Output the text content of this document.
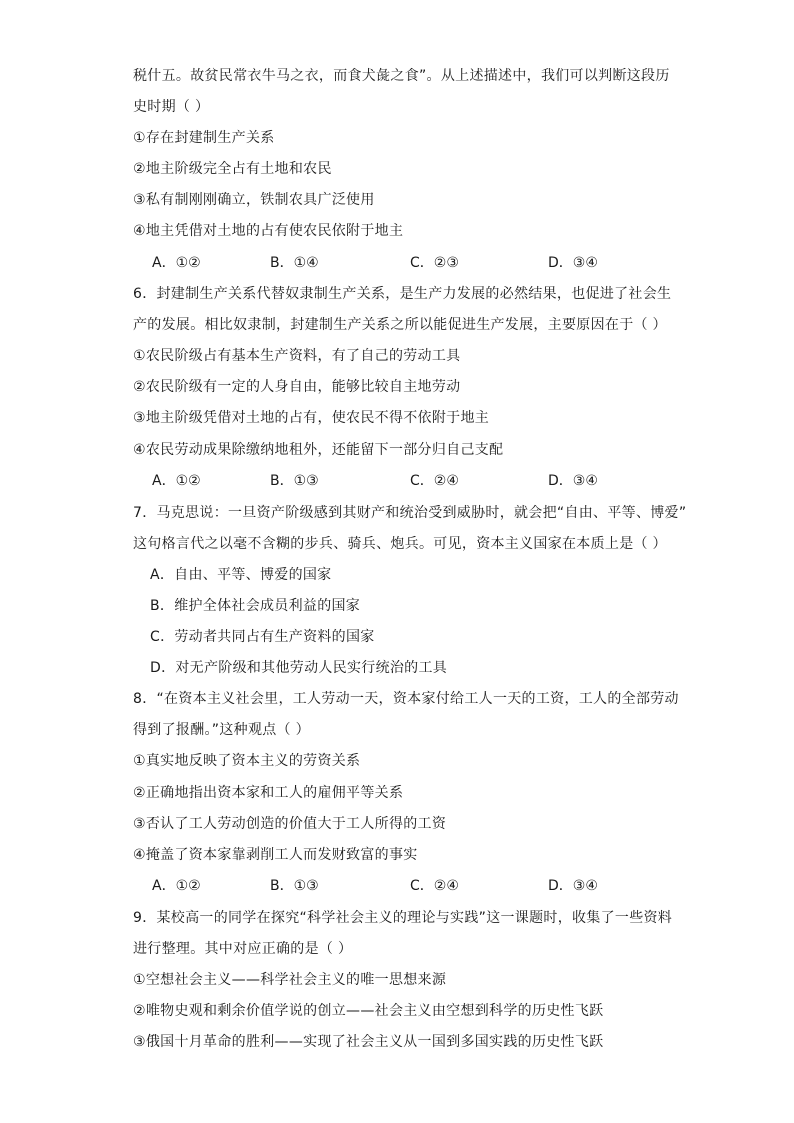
税什五。故贫民常衣牛马之衣，而食犬彘之食”。从上述描述中，我们可以判断这段历
史时期（ ）
①存在封建制生产关系
②地主阶级完全占有土地和农民
③私有制刚刚确立，铁制农具广泛使用
④地主凭借对土地的占有使农民依附于地主
A．①②	B．①④	C．②③	D．③④
6．封建制生产关系代替奴隶制生产关系，是生产力发展的必然结果，也促进了社会生
产的发展。相比奴隶制，封建制生产关系之所以能促进生产发展，主要原因在于（ ）
①农民阶级占有基本生产资料，有了自己的劳动工具
②农民阶级有一定的人身自由，能够比较自主地劳动
③地主阶级凭借对土地的占有，使农民不得不依附于地主
④农民劳动成果除缴纳地租外，还能留下一部分归自己支配
A．①②	B．①③	C．②④	D．③④
7．马克思说：一旦资产阶级感到其财产和统治受到威胁时，就会把“自由、平等、博爱”
这句格言代之以毫不含糊的步兵、骑兵、炮兵。可见，资本主义国家在本质上是（ ）
A．自由、平等、博爱的国家
B．维护全体社会成员利益的国家
C．劳动者共同占有生产资料的国家
D．对无产阶级和其他劳动人民实行统治的工具
8．“在资本主义社会里，工人劳动一天，资本家付给工人一天的工资，工人的全部劳动
得到了报酬。”这种观点（ ）
①真实地反映了资本主义的劳资关系
②正确地指出资本家和工人的雇佣平等关系
③否认了工人劳动创造的价值大于工人所得的工资
④掩盖了资本家靠剥削工人而发财致富的事实
A．①②	B．①③	C．②④	D．③④
9．某校高一的同学在探究“科学社会主义的理论与实践”这一课题时，收集了一些资料
进行整理。其中对应正确的是（ ）
①空想社会主义——科学社会主义的唯一思想来源
②唯物史观和剩余价值学说的创立——社会主义由空想到科学的历史性飞跃
③俄国十月革命的胜利——实现了社会主义从一国到多国实践的历史性飞跃
